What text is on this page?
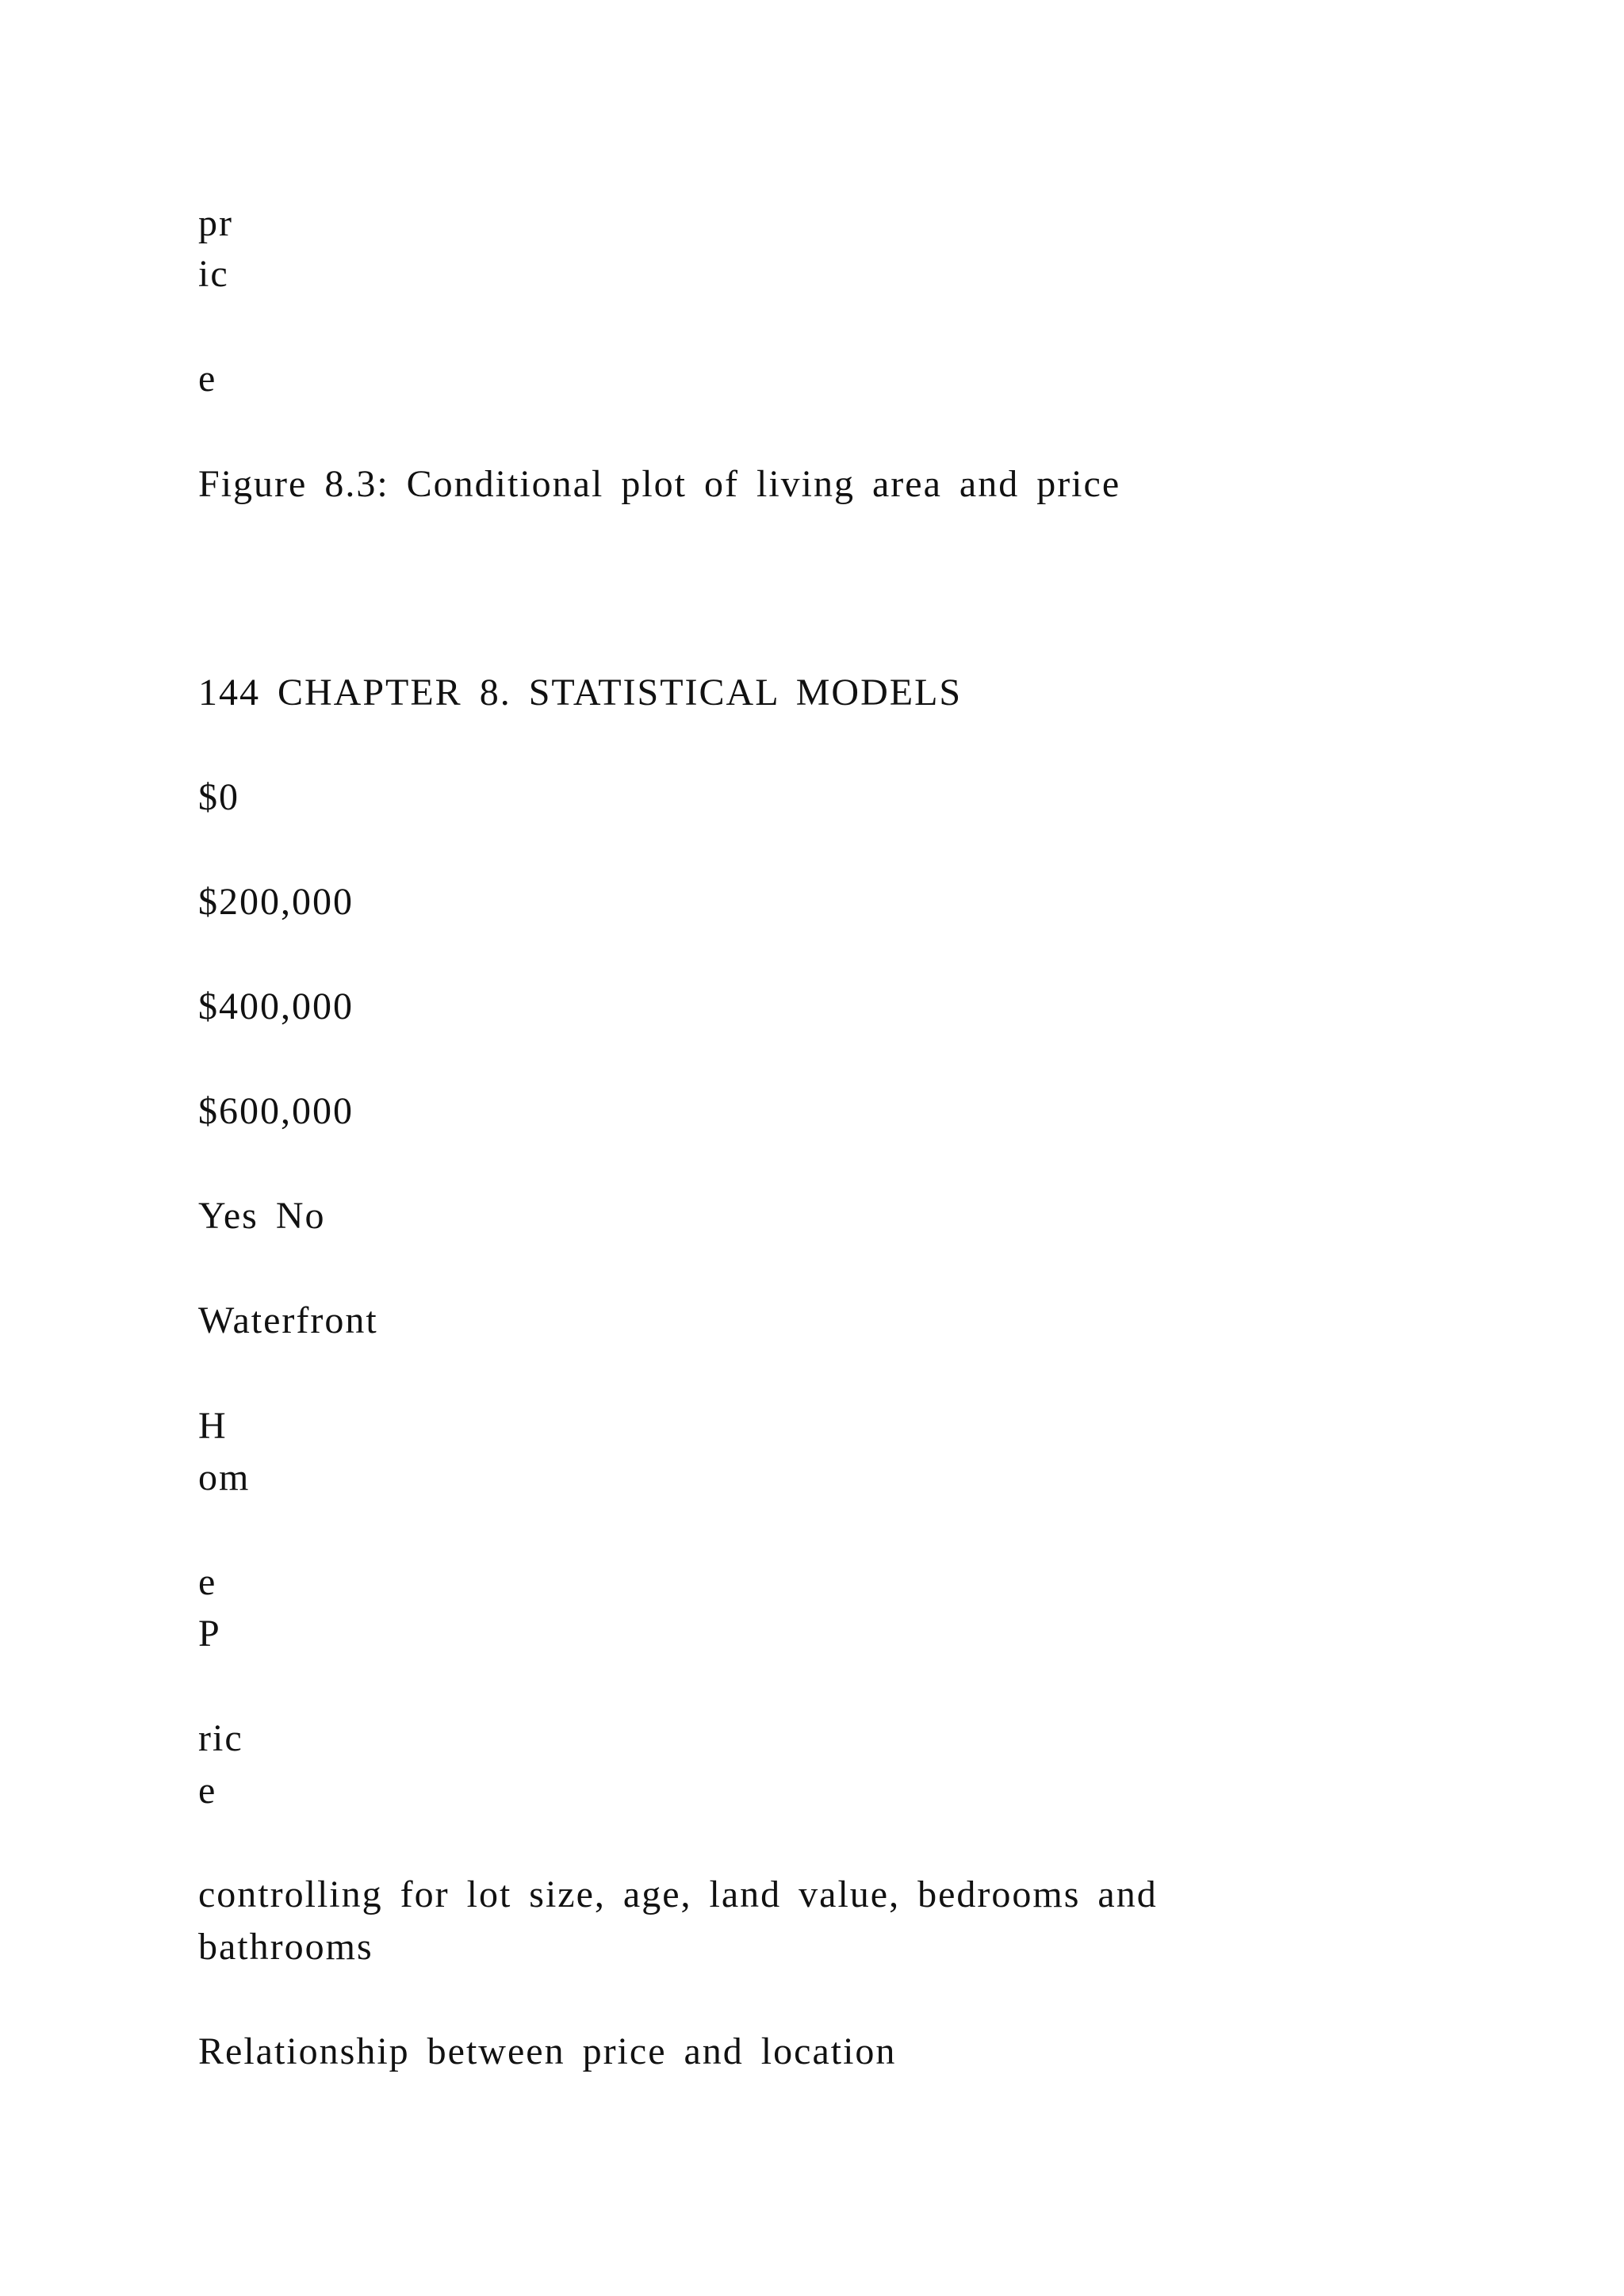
pr
ic
e
Figure 8.3: Conditional plot of living area and price
144 CHAPTER 8. STATISTICAL MODELS
$0
$200,000
$400,000
$600,000
Yes No
Waterfront
H
om
e
P
ric
e
controlling for lot size, age, land value, bedrooms and
bathrooms
Relationship between price and location
